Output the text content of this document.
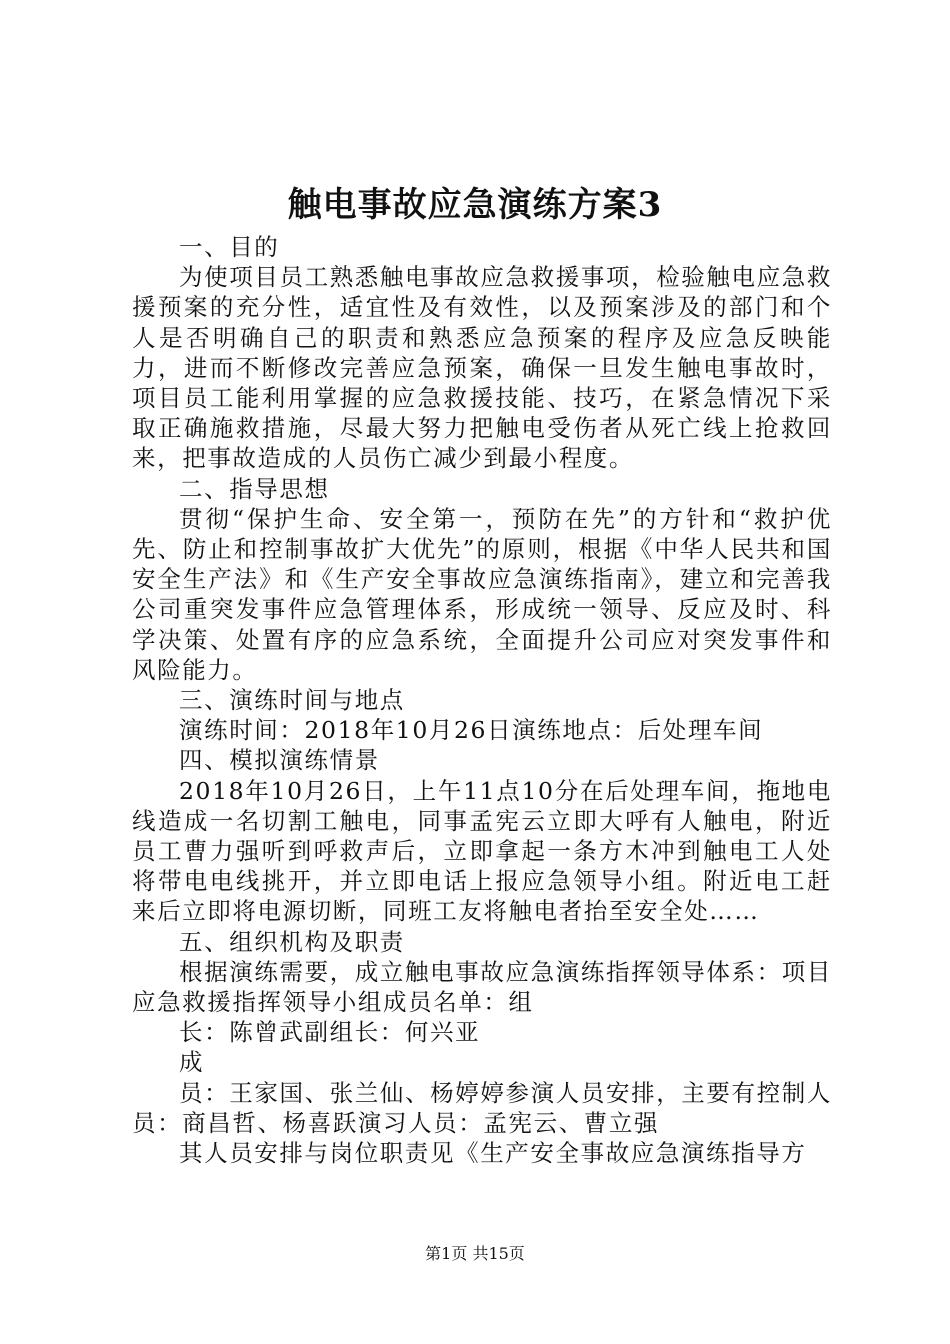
触电事故应急演练方案3

一、目的

为使项目员工熟悉触电事故应急救援事项，检验触电应急救援预案的充分性，适宜性及有效性，以及预案涉及的部门和个人是否明确自己的职责和熟悉应急预案的程序及应急反映能力，进而不断修改完善应急预案，确保一旦发生触电事故时，项目员工能利用掌握的应急救援技能、技巧，在紧急情况下采取正确施救措施，尽最大努力把触电受伤者从死亡线上抢救回来，把事故造成的人员伤亡减少到最小程度。

二、指导思想

贯彻“保护生命、安全第一，预防在先”的方针和“救护优先、防止和控制事故扩大优先”的原则，根据《中华人民共和国安全生产法》和《生产安全事故应急演练指南》，建立和完善我公司重突发事件应急管理体系，形成统一领导、反应及时、科学决策、处置有序的应急系统，全面提升公司应对突发事件和风险能力。

三、演练时间与地点

演练时间：2018年10月26日演练地点：后处理车间

四、模拟演练情景

2018年10月26日，上午11点10分在后处理车间，拖地电线造成一名切割工触电，同事孟宪云立即大呼有人触电，附近员工曹力强听到呼救声后，立即拿起一条方木冲到触电工人处将带电电线挑开，并立即电话上报应急领导小组。附近电工赶来后立即将电源切断，同班工友将触电者抬至安全处……

五、组织机构及职责

根据演练需要，成立触电事故应急演练指挥领导体系：项目应急救援指挥领导小组成员名单：组

长：陈曾武副组长：何兴亚

成

员：王家国、张兰仙、杨婷婷参演人员安排，主要有控制人员：商昌哲、杨喜跃演习人员：孟宪云、曹立强

其人员安排与岗位职责见《生产安全事故应急演练指导方

第1页 共15页
